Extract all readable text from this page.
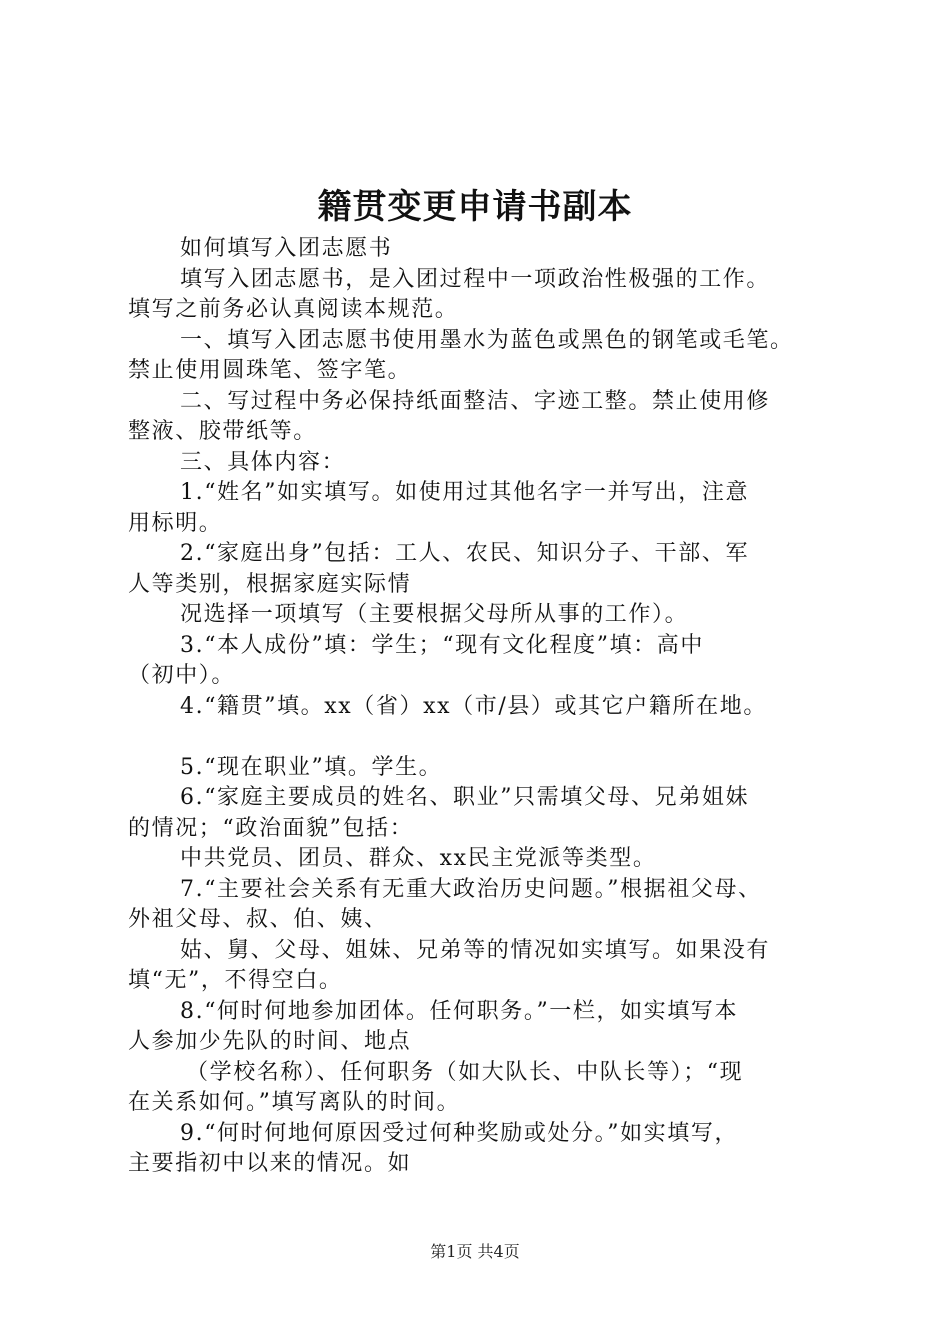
籍贯变更申请书副本
如何填写入团志愿书
填写入团志愿书，是入团过程中一项政治性极强的工作。
填写之前务必认真阅读本规范。
一、填写入团志愿书使用墨水为蓝色或黑色的钢笔或毛笔。
禁止使用圆珠笔、签字笔。
二、写过程中务必保持纸面整洁、字迹工整。禁止使用修
整液、胶带纸等。
三、具体内容：
1.“姓名”如实填写。如使用过其他名字一并写出，注意
用标明。
2.“家庭出身”包括：工人、农民、知识分子、干部、军
人等类别，根据家庭实际情
况选择一项填写（主要根据父母所从事的工作）。
3.“本人成份”填：学生；“现有文化程度”填：高中
（初中）。
4.“籍贯”填。xx（省）xx（市/县）或其它户籍所在地。
5.“现在职业”填。学生。
6.“家庭主要成员的姓名、职业”只需填父母、兄弟姐妹
的情况；“政治面貌”包括：
中共党员、团员、群众、xx民主党派等类型。
7.“主要社会关系有无重大政治历史问题。”根据祖父母、
外祖父母、叔、伯、姨、
姑、舅、父母、姐妹、兄弟等的情况如实填写。如果没有
填“无”，不得空白。
8.“何时何地参加团体。任何职务。”一栏，如实填写本
人参加少先队的时间、地点
（学校名称）、任何职务（如大队长、中队长等）；“现
在关系如何。”填写离队的时间。
9.“何时何地何原因受过何种奖励或处分。”如实填写，
主要指初中以来的情况。如
第1页 共4页
